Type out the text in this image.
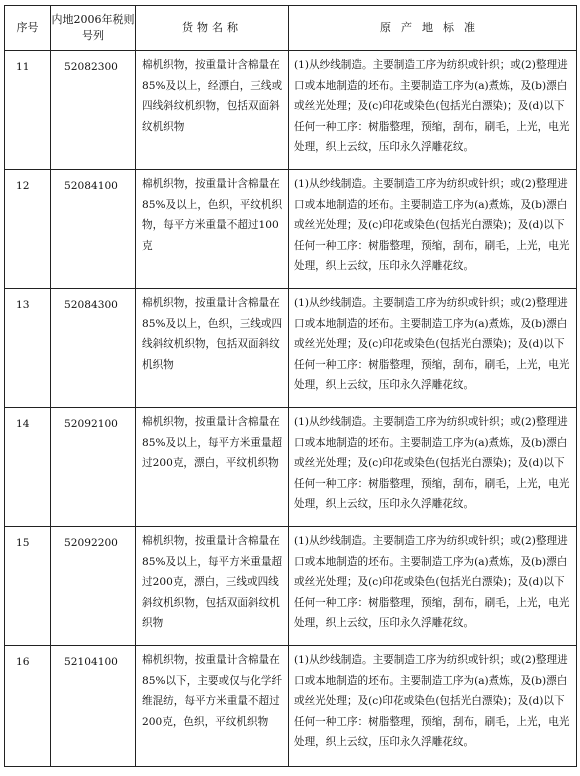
序号	内地2006年税则号列	货物名称	原产地标准
11	52082300	棉机织物，按重量计含棉量在85%及以上，经漂白，三线或四线斜纹机织物，包括双面斜纹机织物	(1)从纱线制造。主要制造工序为纺织或针织；或(2)整理进口或本地制造的坯布。主要制造工序为(a)煮炼，及(b)漂白或丝光处理；及(c)印花或染色(包括光白漂染)；及(d)以下任何一种工序：树脂整理，预缩，刮布，刷毛，上光，电光处理，织上云纹，压印永久浮雕花纹。
12	52084100	棉机织物，按重量计含棉量在85%及以上，色织，平纹机织物，每平方米重量不超过100克	(1)从纱线制造。主要制造工序为纺织或针织；或(2)整理进口或本地制造的坯布。主要制造工序为(a)煮炼，及(b)漂白或丝光处理；及(c)印花或染色(包括光白漂染)；及(d)以下任何一种工序：树脂整理，预缩，刮布，刷毛，上光，电光处理，织上云纹，压印永久浮雕花纹。
13	52084300	棉机织物，按重量计含棉量在85%及以上，色织，三线或四线斜纹机织物，包括双面斜纹机织物	(1)从纱线制造。主要制造工序为纺织或针织；或(2)整理进口或本地制造的坯布。主要制造工序为(a)煮炼，及(b)漂白或丝光处理；及(c)印花或染色(包括光白漂染)；及(d)以下任何一种工序：树脂整理，预缩，刮布，刷毛，上光，电光处理，织上云纹，压印永久浮雕花纹。
14	52092100	棉机织物，按重量计含棉量在85%及以上，每平方米重量超过200克，漂白，平纹机织物	(1)从纱线制造。主要制造工序为纺织或针织；或(2)整理进口或本地制造的坯布。主要制造工序为(a)煮炼，及(b)漂白或丝光处理；及(c)印花或染色(包括光白漂染)；及(d)以下任何一种工序：树脂整理，预缩，刮布，刷毛，上光，电光处理，织上云纹，压印永久浮雕花纹。
15	52092200	棉机织物，按重量计含棉量在85%及以上，每平方米重量超过200克，漂白，三线或四线斜纹机织物，包括双面斜纹机织物	(1)从纱线制造。主要制造工序为纺织或针织；或(2)整理进口或本地制造的坯布。主要制造工序为(a)煮炼，及(b)漂白或丝光处理；及(c)印花或染色(包括光白漂染)；及(d)以下任何一种工序：树脂整理，预缩，刮布，刷毛，上光，电光处理，织上云纹，压印永久浮雕花纹。
16	52104100	棉机织物，按重量计含棉量在85%以下，主要或仅与化学纤维混纺，每平方米重量不超过200克，色织，平纹机织物	(1)从纱线制造。主要制造工序为纺织或针织；或(2)整理进口或本地制造的坯布。主要制造工序为(a)煮炼，及(b)漂白或丝光处理；及(c)印花或染色(包括光白漂染)；及(d)以下任何一种工序：树脂整理，预缩，刮布，刷毛，上光，电光处理，织上云纹，压印永久浮雕花纹。
